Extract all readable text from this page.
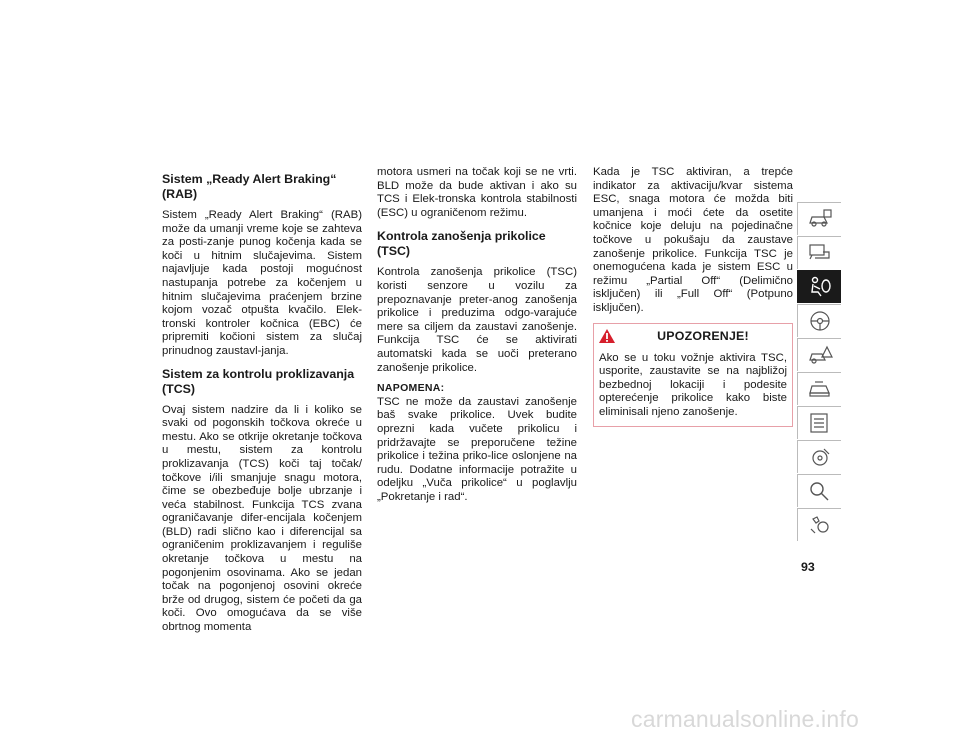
Sistem „Ready Alert Braking“ (RAB)
Sistem „Ready Alert Braking“ (RAB) može da umanji vreme koje se zahteva za posti-zanje punog kočenja kada se koči u hitnim slučajevima. Sistem najavljuje kada postoji mogućnost nastupanja potrebe za kočenjem u hitnim slučajevima praćenjem brzine kojom vozač otpušta kvačilo. Elek-tronski kontroler kočnica (EBC) će pripremiti kočioni sistem za slučaj prinudnog zaustavl-janja.
Sistem za kontrolu proklizavanja (TCS)
Ovaj sistem nadzire da li i koliko se svaki od pogonskih točkova okreće u mestu. Ako se otkrije okretanje točkova u mestu, sistem za kontrolu proklizavanja (TCS) koči taj točak/ točkove i/ili smanjuje snagu motora, čime se obezbeđuje bolje ubrzanje i veća stabilnost. Funkcija TCS zvana ograničavanje difer-encijala kočenjem (BLD) radi slično kao i diferencijal sa ograničenim proklizavanjem i reguliše okretanje točkova u mestu na pogonjenim osovinama. Ako se jedan točak na pogonjenoj osovini okreće brže od drugog, sistem će početi da ga koči. Ovo omogućava da se više obrtnog momenta
motora usmeri na točak koji se ne vrti. BLD može da bude aktivan i ako su TCS i Elek-tronska kontrola stabilnosti (ESC) u ograničenom režimu.
Kontrola zanošenja prikolice (TSC)
Kontrola zanošenja prikolice (TSC) koristi senzore u vozilu za prepoznavanje preter-anog zanošenja prikolice i preduzima odgo-varajuće mere sa ciljem da zaustavi zanošenje. Funkcija TSC će se aktivirati automatski kada se uoči preterano zanošenje prikolice.
NAPOMENA:
TSC ne može da zaustavi zanošenje baš svake prikolice. Uvek budite oprezni kada vučete prikolicu i pridržavajte se preporučene težine prikolice i težina priko-lice oslonjene na rudu. Dodatne informacije potražite u odeljku „Vuča prikolice“ u poglavlju „Pokretanje i rad“.
Kada je TSC aktiviran, a trepće indikator za aktivaciju/kvar sistema ESC, snaga motora će možda biti umanjena i moći ćete da osetite kočnice koje deluju na pojedinačne točkove u pokušaju da zaustave zanošenje prikolice. Funkcija TSC je onemogućena kada je sistem ESC u režimu „Partial Off“ (Delimično isključen) ili „Full Off“ (Potpuno isključen).
UPOZORENJE!
Ako se u toku vožnje aktivira TSC, usporite, zaustavite se na najbližoj bezbednoj lokaciji i podesite opterećenje prikolice kako biste eliminisali njeno zanošenje.
93
carmanualsonline.info
